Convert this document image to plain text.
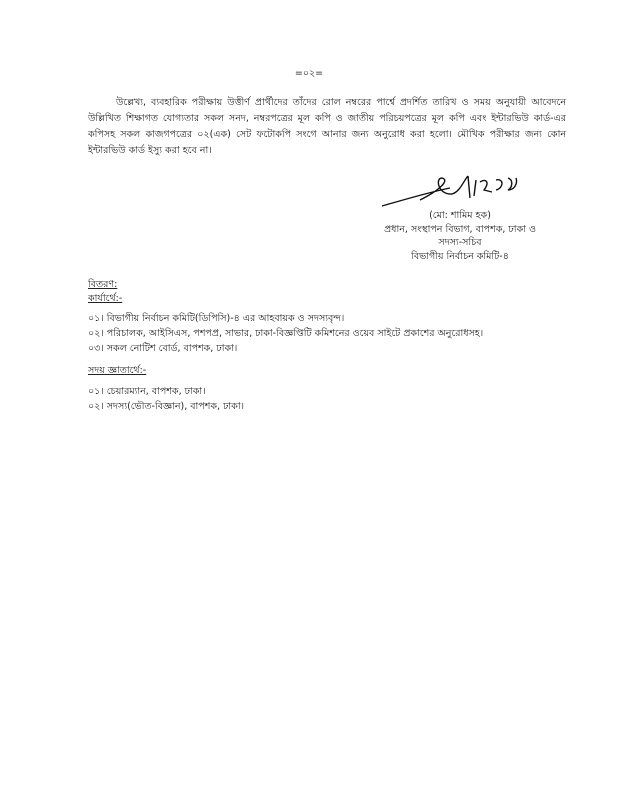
=০২=
উল্লেখ্য, ব্যবহারিক পরীক্ষায় উত্তীর্ণ প্রার্থীদের তাঁদের রোল নম্বরের পার্শ্বে প্রদর্শিত তারিখ ও সময় অনুযায়ী আবেদনে উল্লিখিত শিক্ষাগত যোগ্যতার সকল সনদ, নম্বরপত্রের মূল কপি ও জাতীয় পরিচয়পত্রের মূল কপি এবং ইন্টারভিউ কার্ড-এর কপিসহ সকল কাজগপত্রের ০২(এক) সেট ফটোকপি সংগে আনার জন্য অনুরোধ করা হলো। মৌখিক পরীক্ষার জন্য কোন ইন্টারভিউ কার্ড ইস্যু করা হবে না।
(মো: শামিম হক)
প্রধান, সংস্থাপন বিভাগ, বাপশক, ঢাকা ও
সদস্য-সচিব
বিভাগীয় নির্বাচন কমিটি-৪
বিতরণ:
কার্যার্থে:-
০১। বিভাগীয় নির্বাচন কমিটি(ডিপিসি)-৪ এর আহবায়ক ও সদস্যবৃন্দ।
০২। পরিচালক, আইসিএস, পশপপ্র, সাভার, ঢাকা-বিজ্ঞপ্তিটি কমিশনের ওয়েব সাইটে প্রকাশের অনুরোধসহ।
০৩। সকল নোটিশ বোর্ড, বাপশক, ঢাকা।
সদয় জ্ঞাতার্থে:-
০১। চেয়ারম্যান, বাপশক, ঢাকা।
০২। সদস্য(ভৌত-বিজ্ঞান), বাপশক, ঢাকা।
